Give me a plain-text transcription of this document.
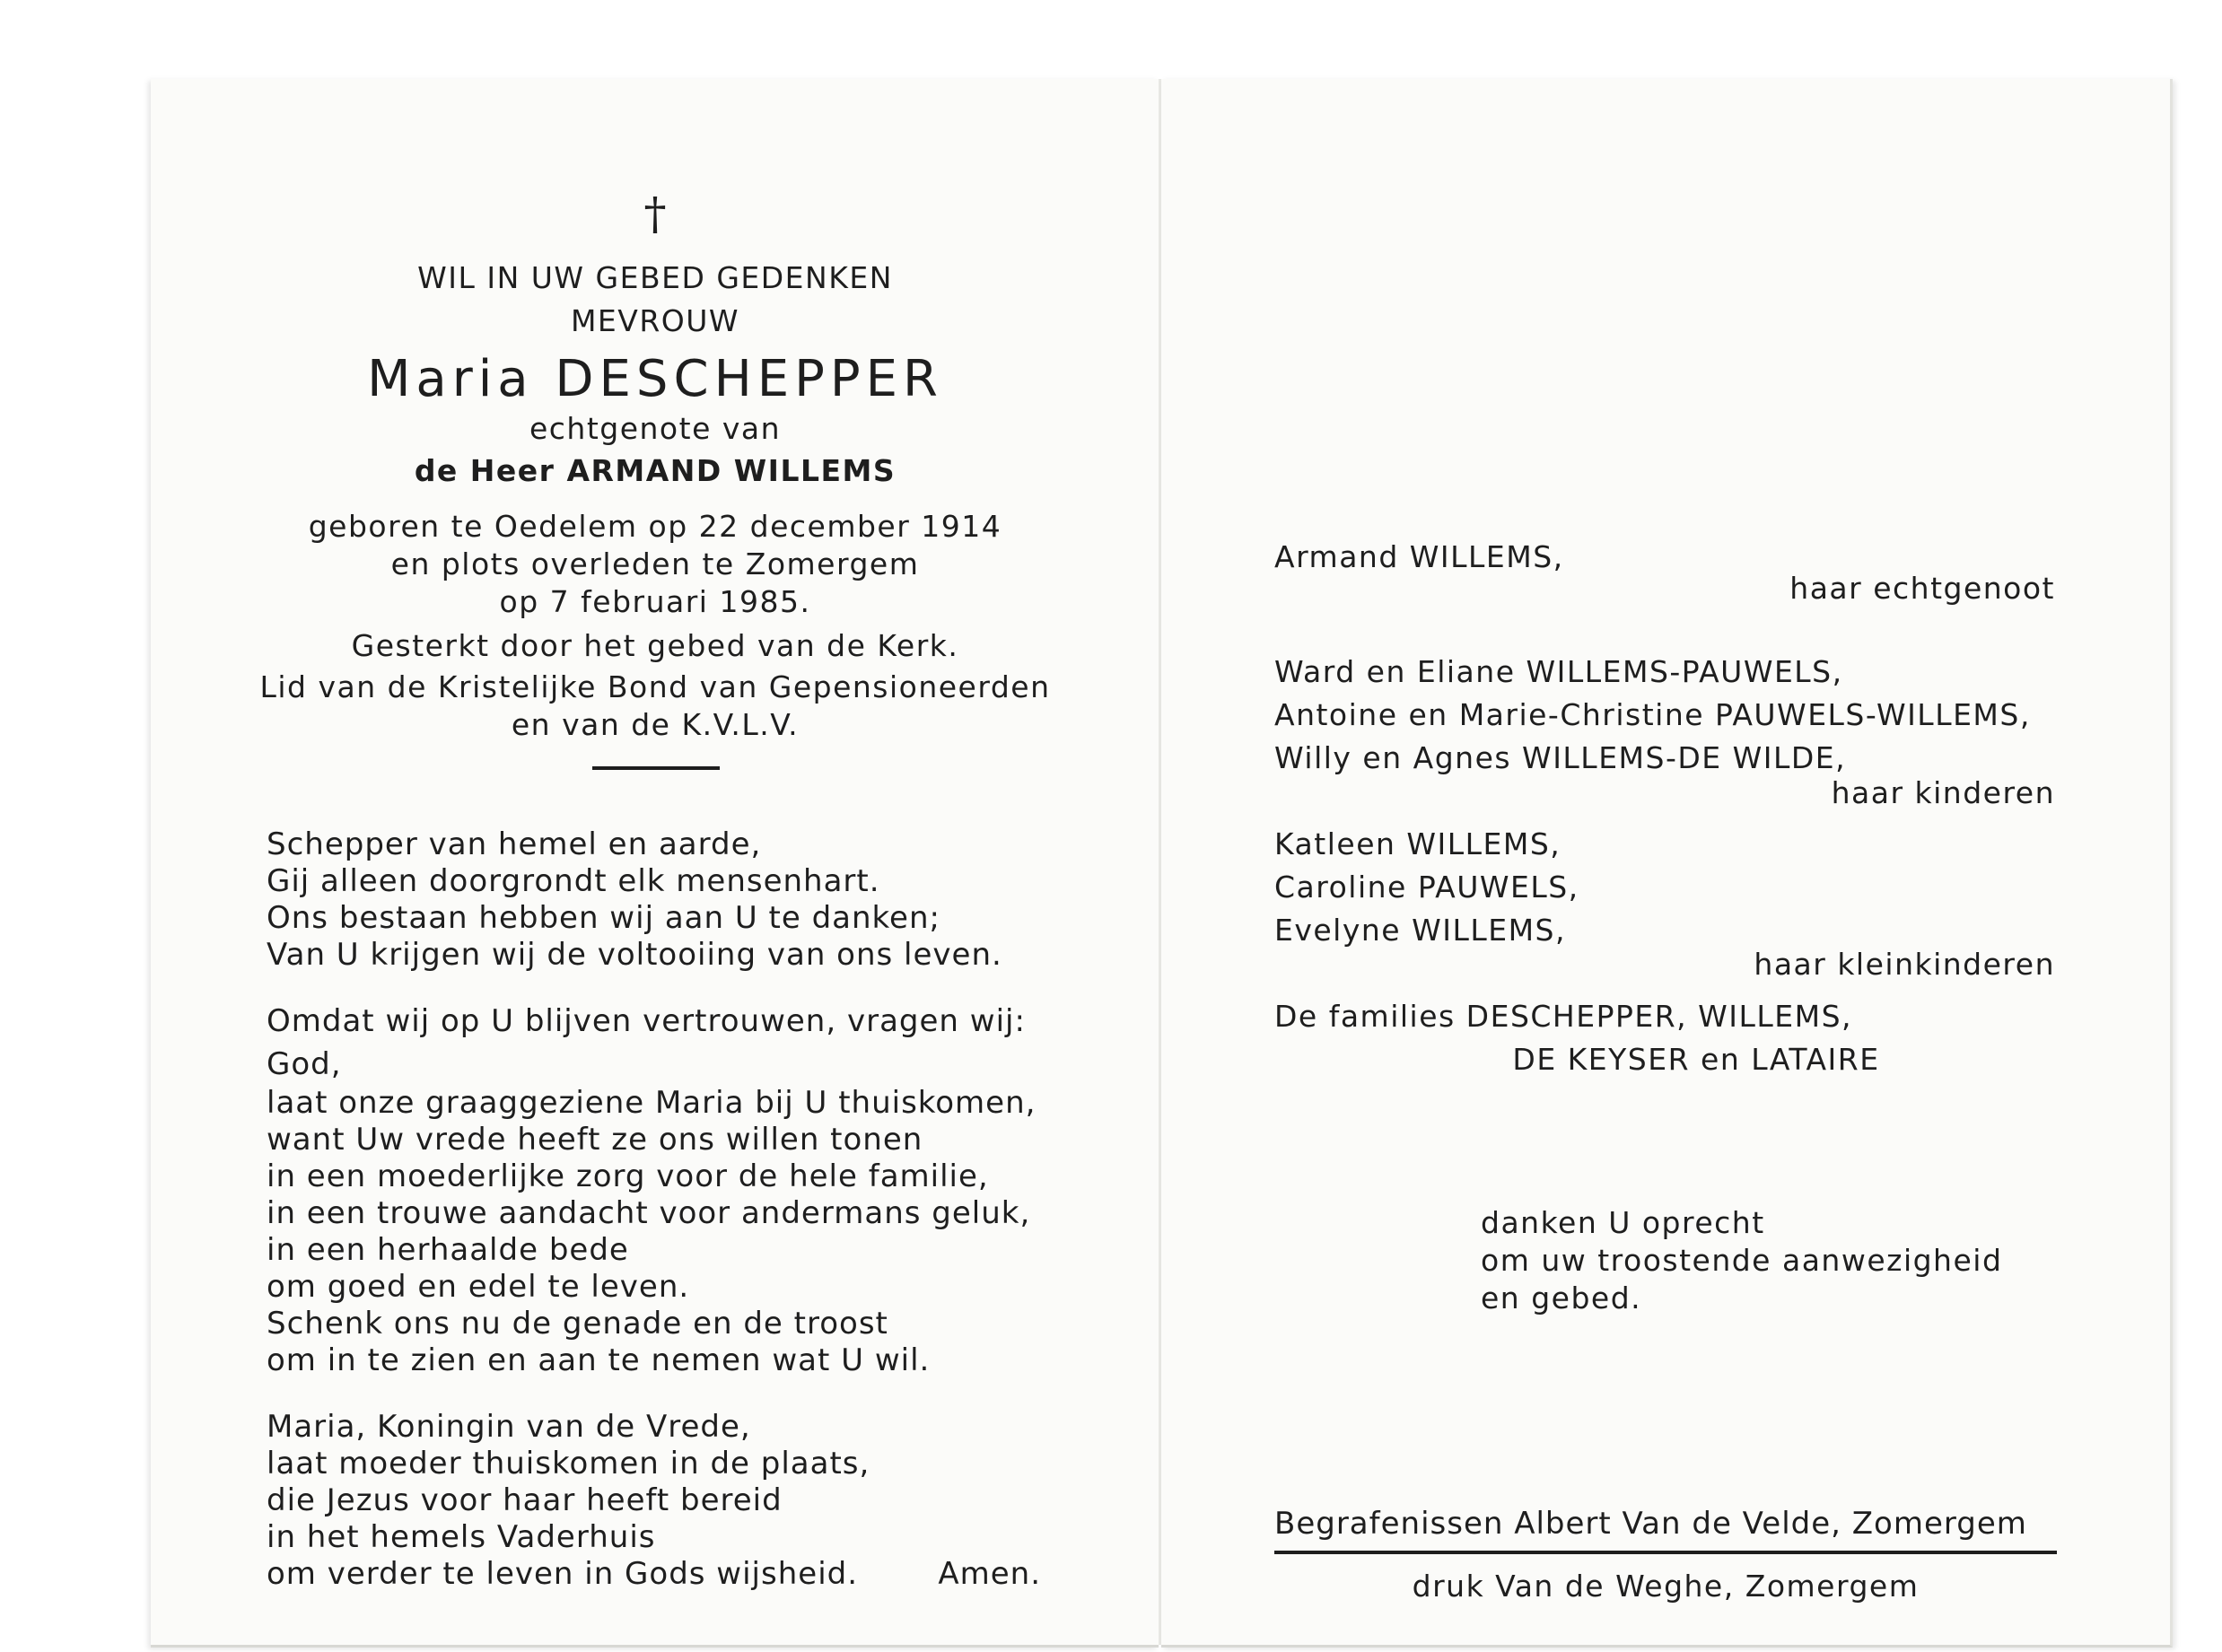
†
WIL IN UW GEBED GEDENKEN
MEVROUW
Maria DESCHEPPER
echtgenote van
de Heer ARMAND WILLEMS
geboren te Oedelem op 22 december 1914
en plots overleden te Zomergem
op 7 februari 1985.
Gesterkt door het gebed van de Kerk.
Lid van de Kristelijke Bond van Gepensioneerden
en van de K.V.L.V.
Schepper van hemel en aarde,
Gij alleen doorgrondt elk mensenhart.
Ons bestaan hebben wij aan U te danken;
Van U krijgen wij de voltooiing van ons leven.
Omdat wij op U blijven vertrouwen, vragen wij:
God,
laat onze graaggeziene Maria bij U thuiskomen,
want Uw vrede heeft ze ons willen tonen
in een moederlijke zorg voor de hele familie,
in een trouwe aandacht voor andermans geluk,
in een herhaalde bede
om goed en edel te leven.
Schenk ons nu de genade en de troost
om in te zien en aan te nemen wat U wil.
Maria, Koningin van de Vrede,
laat moeder thuiskomen in de plaats,
die Jezus voor haar heeft bereid
in het hemels Vaderhuis
om verder te leven in Gods wijsheid.	Amen.
Armand WILLEMS,
haar echtgenoot
Ward en Eliane WILLEMS-PAUWELS,
Antoine en Marie-Christine PAUWELS-WILLEMS,
Willy en Agnes WILLEMS-DE WILDE,
haar kinderen
Katleen WILLEMS,
Caroline PAUWELS,
Evelyne WILLEMS,
haar kleinkinderen
De families DESCHEPPER, WILLEMS,
DE KEYSER en LATAIRE
danken U oprecht
om uw troostende aanwezigheid
en gebed.
Begrafenissen Albert Van de Velde, Zomergem
druk Van de Weghe, Zomergem
